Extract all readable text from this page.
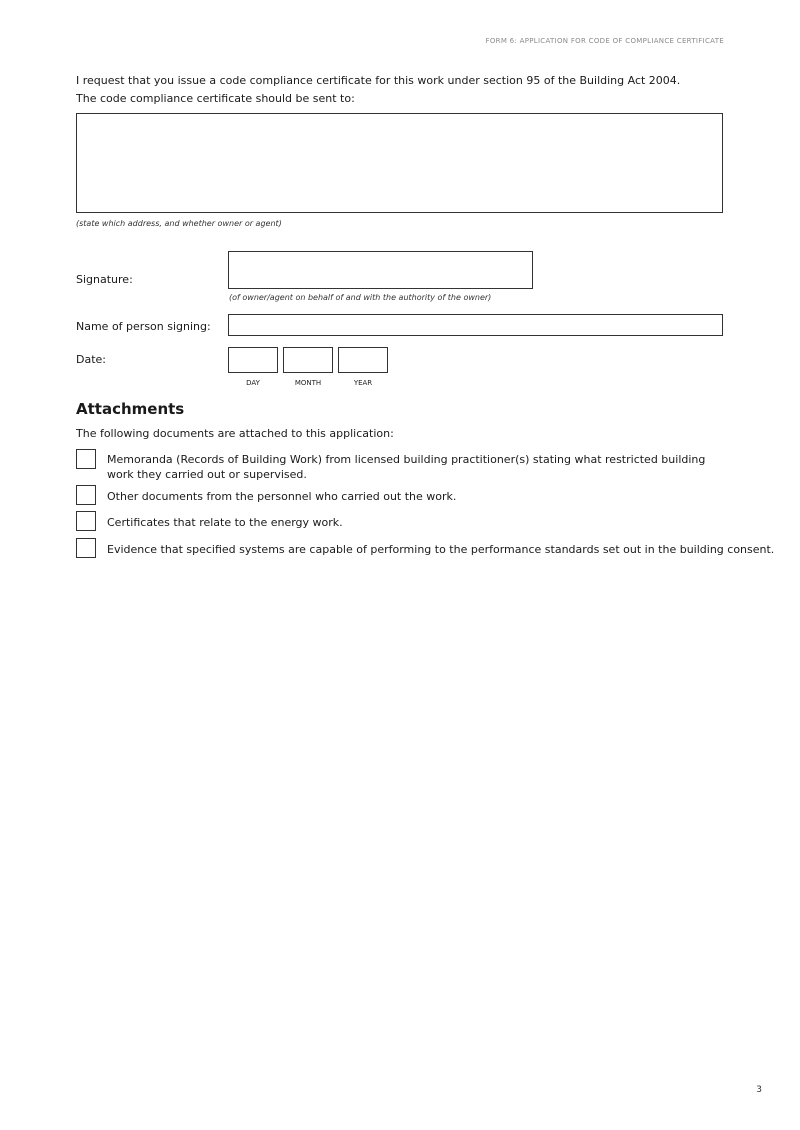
FORM 6: APPLICATION FOR CODE OF COMPLIANCE CERTIFICATE
I request that you issue a code compliance certificate for this work under section 95 of the Building Act 2004.
The code compliance certificate should be sent to:
(state which address, and whether owner or agent)
Signature:
(of owner/agent on behalf of and with the authority of the owner)
Name of person signing:
Date:
DAY	MONTH	YEAR
Attachments
The following documents are attached to this application:
Memoranda (Records of Building Work) from licensed building practitioner(s) stating what restricted building work they carried out or supervised.
Other documents from the personnel who carried out the work.
Certificates that relate to the energy work.
Evidence that specified systems are capable of performing to the performance standards set out in the building consent.
3
